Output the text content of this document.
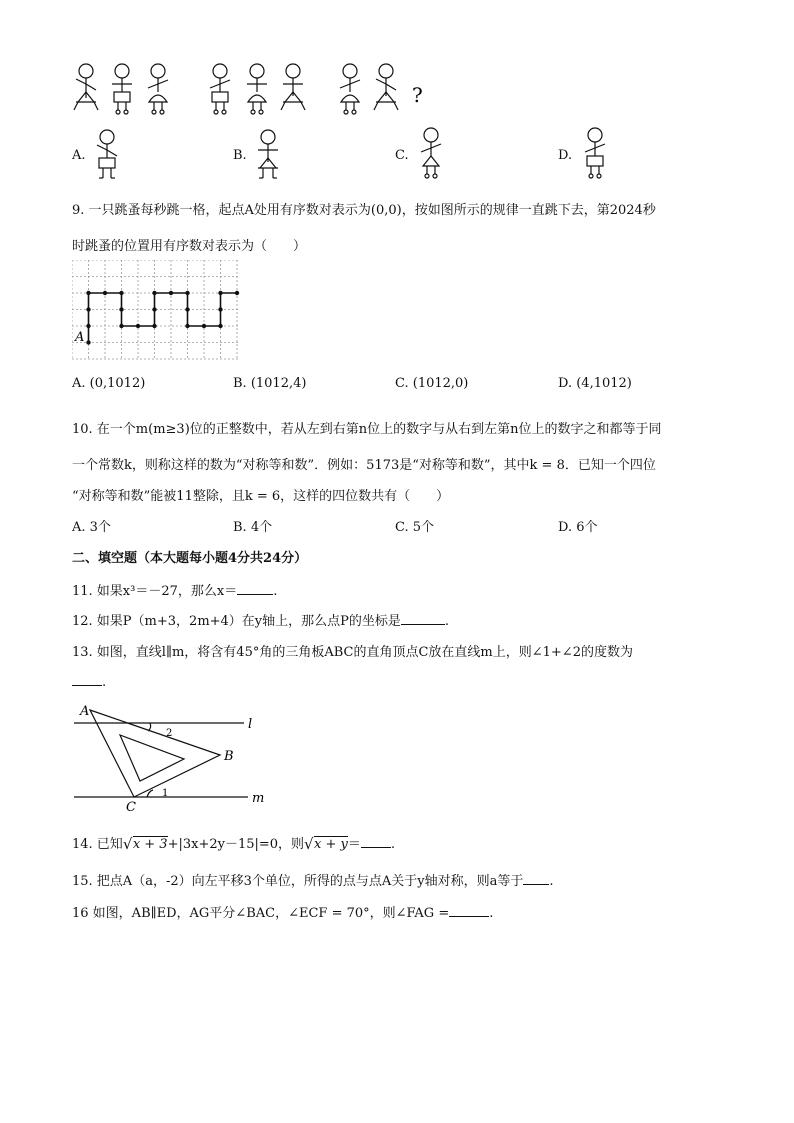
?
A.	B.	C.	D.
9. 一只跳蚤每秒跳一格，起点A处用有序数对表示为(0,0)，按如图所示的规律一直跳下去，第2024秒
时跳蚤的位置用有序数对表示为（　　）
A
A. (0,1012)	B. (1012,4)	C. (1012,0)	D. (4,1012)
10. 在一个m(m≥3)位的正整数中，若从左到右第n位上的数字与从右到左第n位上的数字之和都等于同
一个常数k，则称这样的数为“对称等和数”．例如：5173是“对称等和数”，其中k = 8．已知一个四位
“对称等和数”能被11整除，且k = 6，这样的四位数共有（　　）
A. 3个	B. 4个	C. 5个	D. 6个
二、填空题（本大题每小题4分共24分）
11. 如果x³＝－27，那么x＝	.
12. 如果P（m+3，2m+4）在y轴上，那么点P的坐标是	.
13. 如图，直线l∥m，将含有45°角的三角板ABC的直角顶点C放在直线m上，则∠1+∠2的度数为
.
A
B
C
l
m
2
1
14. 已知 √ x + 3+|3x+2y－15|=0，则 √ x + y＝ .
15. 把点A（a，-2）向左平移3个单位，所得的点与点A关于y轴对称，则a等于 .
16 如图，AB∥ED，AG平分∠BAC，∠ECF = 70°，则∠FAG =	.
